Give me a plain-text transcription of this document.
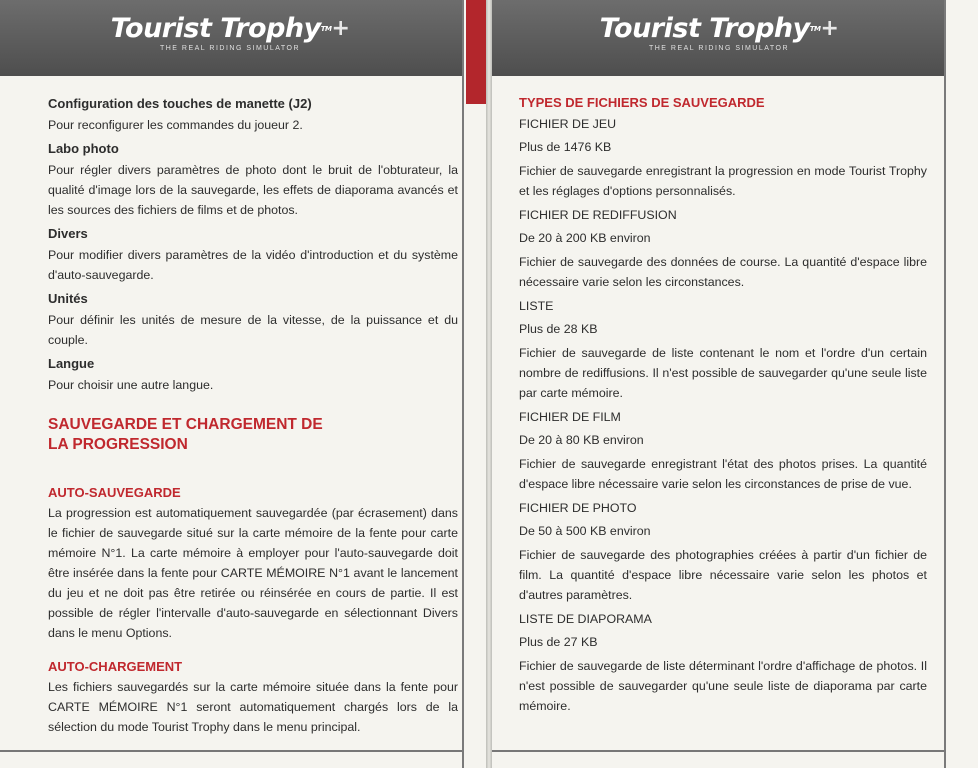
Tourist TrophyTM+
THE REAL RIDING SIMULATOR
Configuration des touches de manette (J2)
Pour reconfigurer les commandes du joueur 2.
Labo photo
Pour régler divers paramètres de photo dont le bruit de l'obturateur, la qualité d'image lors de la sauvegarde, les effets de diaporama avancés et les sources des fichiers de films et de photos.
Divers
Pour modifier divers paramètres de la vidéo d'introduction et du système d'auto-sauvegarde.
Unités
Pour définir les unités de mesure de la vitesse, de la puissance et du couple.
Langue
Pour choisir une autre langue.
SAUVEGARDE ET CHARGEMENT DE
LA PROGRESSION
AUTO-SAUVEGARDE
La progression est automatiquement sauvegardée (par écrasement) dans le fichier de sauvegarde situé sur la carte mémoire de la fente pour carte mémoire N°1. La carte mémoire à employer pour l'auto-sauvegarde doit être insérée dans la fente pour CARTE MÉMOIRE N°1 avant le lancement du jeu et ne doit pas être retirée ou réinsérée en cours de partie. Il est possible de régler l'intervalle d'auto-sauvegarde en sélectionnant Divers dans le menu Options.
AUTO-CHARGEMENT
Les fichiers sauvegardés sur la carte mémoire située dans la fente pour CARTE MÉMOIRE N°1 seront automatiquement chargés lors de la sélection du mode Tourist Trophy dans le menu principal.
Tourist TrophyTM+
THE REAL RIDING SIMULATOR
TYPES DE FICHIERS DE SAUVEGARDE
FICHIER DE JEU
Plus de 1476 KB
Fichier de sauvegarde enregistrant la progression en mode Tourist Trophy et les réglages d'options personnalisés.
FICHIER DE REDIFFUSION
De 20 à 200 KB environ
Fichier de sauvegarde des données de course. La quantité d'espace libre nécessaire varie selon les circonstances.
LISTE
Plus de 28 KB
Fichier de sauvegarde de liste contenant le nom et l'ordre d'un certain nombre de rediffusions. Il n'est possible de sauvegarder qu'une seule liste par carte mémoire.
FICHIER DE FILM
De 20 à 80 KB environ
Fichier de sauvegarde enregistrant l'état des photos prises. La quantité d'espace libre nécessaire varie selon les circonstances de prise de vue.
FICHIER DE PHOTO
De 50 à 500 KB environ
Fichier de sauvegarde des photographies créées à partir d'un fichier de film. La quantité d'espace libre nécessaire varie selon les photos et d'autres paramètres.
LISTE DE DIAPORAMA
Plus de 27 KB
Fichier de sauvegarde de liste déterminant l'ordre d'affichage de photos. Il n'est possible de sauvegarder qu'une seule liste de diaporama par carte mémoire.
